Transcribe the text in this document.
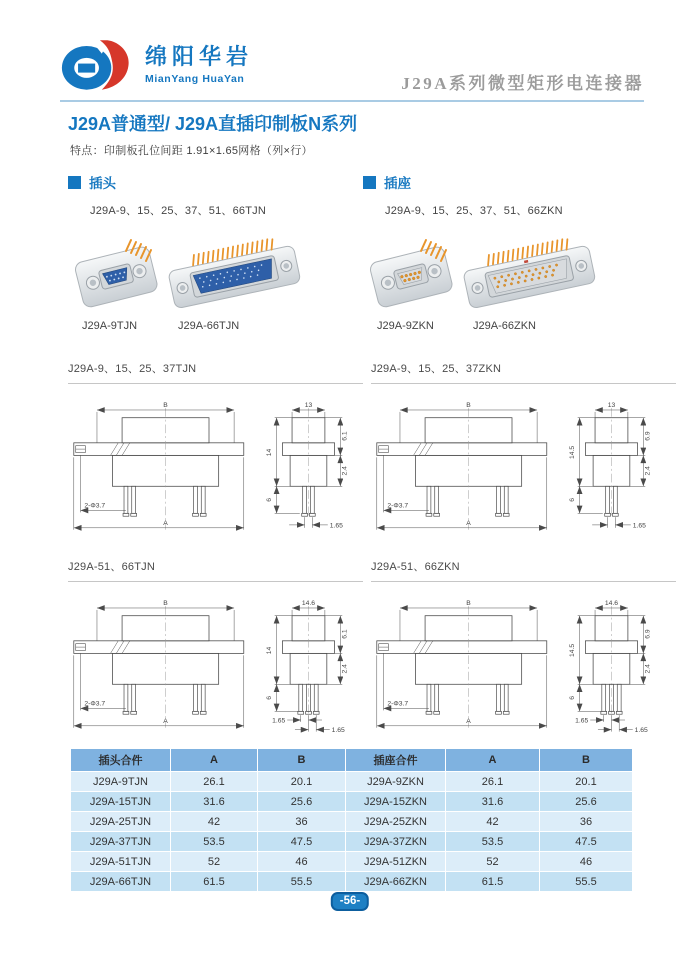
绵阳华岩
MianYang HuaYan	J29A系列微型矩形电连接器
J29A普通型/ J29A直插印制板N系列
特点：印制板孔位间距 1.91×1.65网格（列×行）
插头
J29A-9、15、25、37、51、66TJN
J29A-9TJN	J29A-66TJN
插座
J29A-9、15、25、37、51、66ZKN
J29A-9ZKN	J29A-66ZKN
J29A-9、15、25、37TJN
B
A
2-Φ3.7
13
14
6
6.1
2.4
1.65
J29A-9、15、25、37ZKN
B
A
2-Φ3.7
13
14.5
6
6.9
2.4
1.65
J29A-51、66TJN
B
A
2-Φ3.7
14.6
14
6
6.1
2.4
1.65
1.65
J29A-51、66ZKN
B
A
2-Φ3.7
14.6
14.5
6
6.9
2.4
1.65
1.65
插头合件	A	B	插座合件	A	B
J29A-9TJN	26.1	20.1	J29A-9ZKN	26.1	20.1
J29A-15TJN	31.6	25.6	J29A-15ZKN	31.6	25.6
J29A-25TJN	42	36	J29A-25ZKN	42	36
J29A-37TJN	53.5	47.5	J29A-37ZKN	53.5	47.5
J29A-51TJN	52	46	J29A-51ZKN	52	46
J29A-66TJN	61.5	55.5	J29A-66ZKN	61.5	55.5
-56-
